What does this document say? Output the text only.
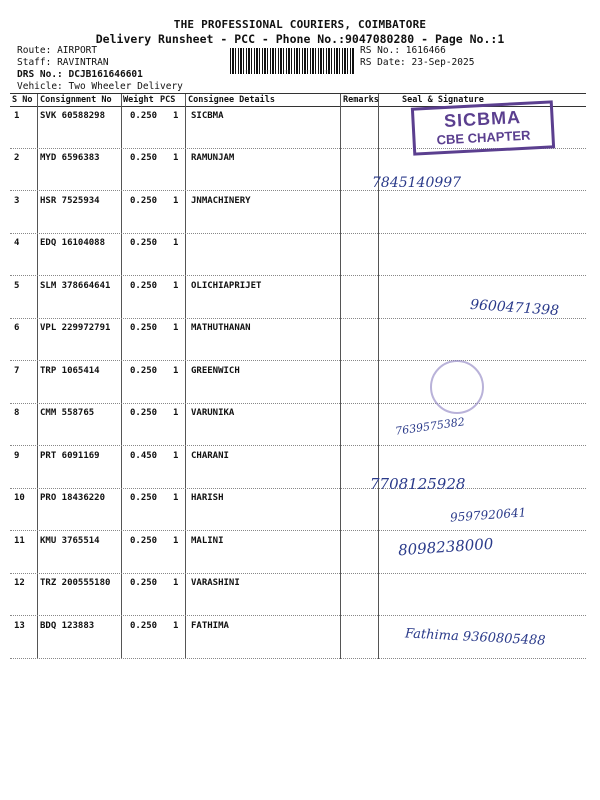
THE PROFESSIONAL COURIERS, COIMBATORE
Delivery Runsheet - PCC - Phone No.:9047080280 - Page No.:1
Route: AIRPORT
Staff: RAVINTRAN
DRS No.: DCJB161646601
Vehicle: Two Wheeler Delivery
RS No.: 1616466
RS Date: 23-Sep-2025
S No Consignment No Weight PCS Consignee Details	Remarks	Seal & Signature
1 SVK 60588298	0.250 1 SICBMA
2 MYD 6596383	0.250 1 RAMUNJAM
3 HSR 7525934	0.250 1 JNMACHINERY
4 EDQ 16104088	0.250 1
5 SLM 378664641 0.250 1 OLICHIAPRIJET
6 VPL 229972791 0.250 1 MATHUTHANAN
7 TRP 1065414	0.250 1 GREENWICH
8 CMM 558765	0.250 1 VARUNIKA
9 PRT 6091169	0.450 1 CHARANI
10 PRO 18436220	0.250 1 HARISH
11 KMU 3765514	0.250 1 MALINI
12 TRZ 200555180 0.250 1 VARASHINI
13 BDQ 123883	0.250 1 FATHIMA
SICBMA
CBE CHAPTER
7845140997
9600471398
7639575382
7708125928
9597920641
8098238000
Fathima 9360805488
